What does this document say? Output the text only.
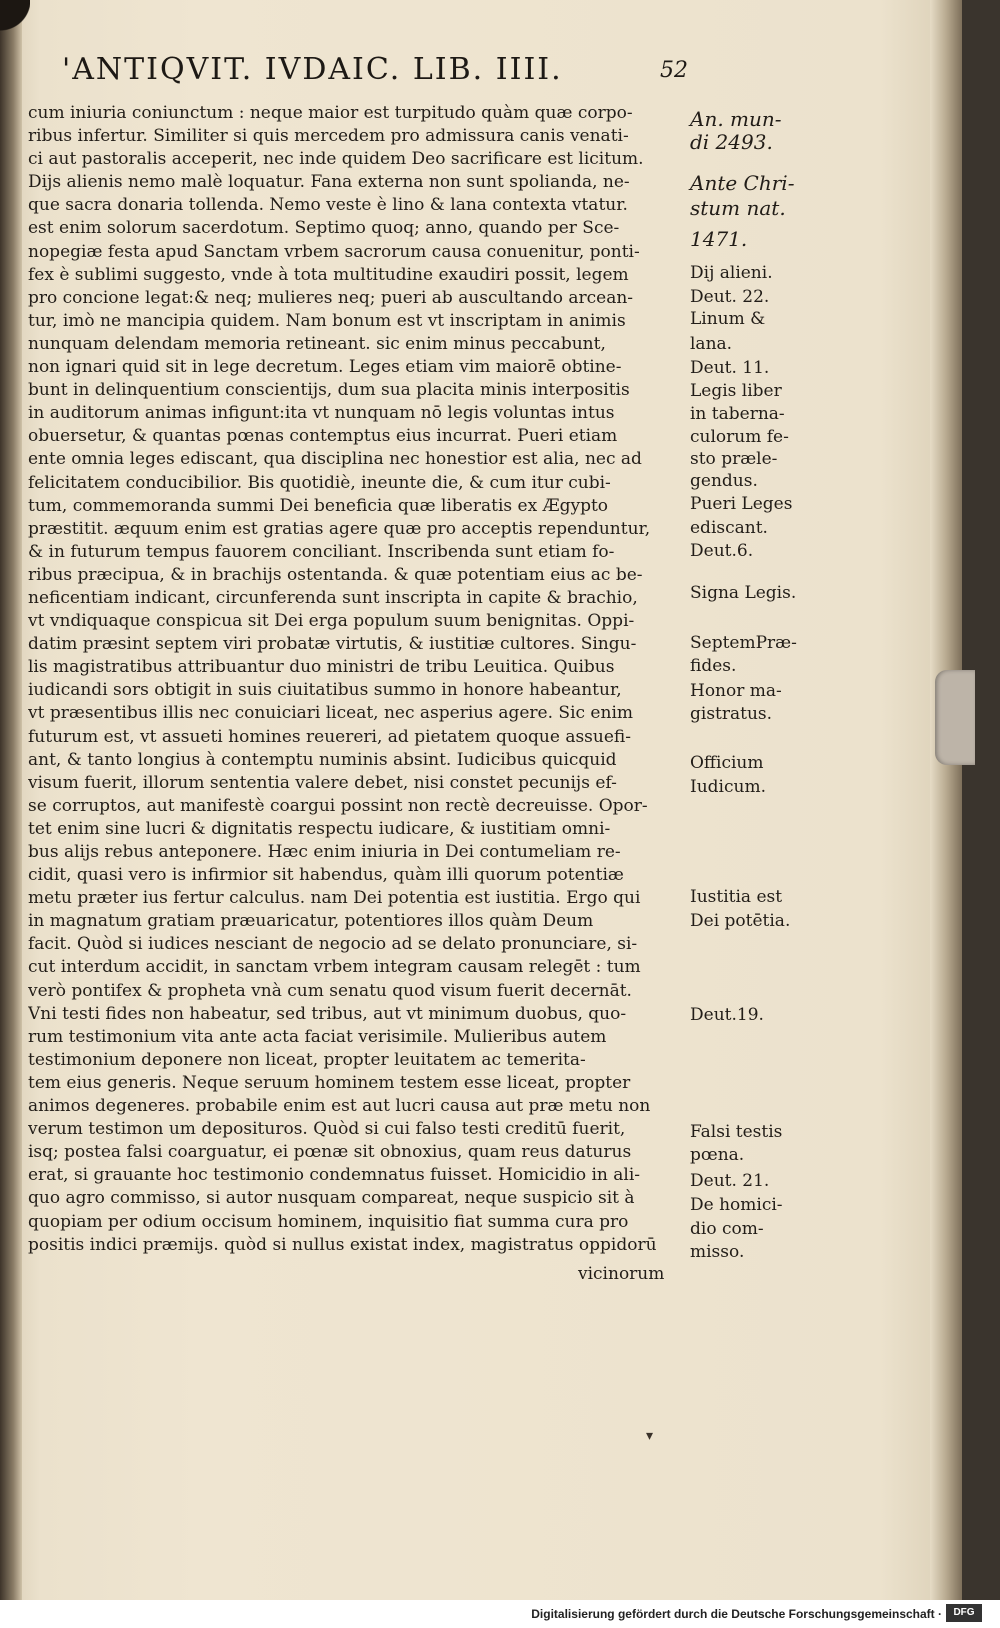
'ANTIQVIT. IVDAIC. LIB. IIII.	52
cum iniuria coniunctum : neque maior est turpitudo quàm quæ corpo-
ribus infertur. Similiter si quis mercedem pro admissura canis venati-
ci aut pastoralis acceperit, nec inde quidem Deo sacrificare est licitum.
Dijs alienis nemo malè loquatur. Fana externa non sunt spolianda, ne-
que sacra donaria tollenda. Nemo veste è lino & lana contexta vtatur.
est enim solorum sacerdotum. Septimo quoq; anno, quando per Sce-
nopegiæ festa apud Sanctam vrbem sacrorum causa conuenitur, ponti-
fex è sublimi suggesto, vnde à tota multitudine exaudiri possit, legem
pro concione legat:& neq; mulieres neq; pueri ab auscultando arcean-
tur, imò ne mancipia quidem. Nam bonum est vt inscriptam in animis
nunquam delendam memoria retineant. sic enim minus peccabunt,
non ignari quid sit in lege decretum. Leges etiam vim maiorē obtine-
bunt in delinquentium conscientijs, dum sua placita minis interpositis
in auditorum animas infigunt:ita vt nunquam nō legis voluntas intus
obuersetur, & quantas pœnas contemptus eius incurrat. Pueri etiam
ente omnia leges ediscant, qua disciplina nec honestior est alia, nec ad
felicitatem conducibilior. Bis quotidiè, ineunte die, & cum itur cubi-
tum, commemoranda summi Dei beneficia quæ liberatis ex Ægypto
præstitit. æquum enim est gratias agere quæ pro acceptis rependuntur,
& in futurum tempus fauorem conciliant. Inscribenda sunt etiam fo-
ribus præcipua, & in brachijs ostentanda. & quæ potentiam eius ac be-
neficentiam indicant, circunferenda sunt inscripta in capite & brachio,
vt vndiquaque conspicua sit Dei erga populum suum benignitas. Oppi-
datim præsint septem viri probatæ virtutis, & iustitiæ cultores. Singu-
lis magistratibus attribuantur duo ministri de tribu Leuitica. Quibus
iudicandi sors obtigit in suis ciuitatibus summo in honore habeantur,
vt præsentibus illis nec conuiciari liceat, nec asperius agere. Sic enim
futurum est, vt assueti homines reuereri, ad pietatem quoque assuefi-
ant, & tanto longius à contemptu numinis absint. Iudicibus quicquid
visum fuerit, illorum sententia valere debet, nisi constet pecunijs ef-
se corruptos, aut manifestè coargui possint non rectè decreuisse. Opor-
tet enim sine lucri & dignitatis respectu iudicare, & iustitiam omni-
bus alijs rebus anteponere. Hæc enim iniuria in Dei contumeliam re-
cidit, quasi vero is infirmior sit habendus, quàm illi quorum potentiæ
metu præter ius fertur calculus. nam Dei potentia est iustitia. Ergo qui
in magnatum gratiam præuaricatur, potentiores illos quàm Deum
facit. Quòd si iudices nesciant de negocio ad se delato pronunciare, si-
cut interdum accidit, in sanctam vrbem integram causam relegēt : tum
verò pontifex & propheta vnà cum senatu quod visum fuerit decernāt.
Vni testi fides non habeatur, sed tribus, aut vt minimum duobus, quo-
rum testimonium vita ante acta faciat verisimile. Mulieribus autem
testimonium deponere non liceat, propter leuitatem ac temerita-
tem eius generis. Neque seruum hominem testem esse liceat, propter
animos degeneres. probabile enim est aut lucri causa aut præ metu non
verum testimon um deposituros. Quòd si cui falso testi creditū fuerit,
isq; postea falsi coarguatur, ei pœnæ sit obnoxius, quam reus daturus
erat, si grauante hoc testimonio condemnatus fuisset. Homicidio in ali-
quo agro commisso, si autor nusquam compareat, neque suspicio sit à
quopiam per odium occisum hominem, inquisitio fiat summa cura pro
positis indici præmijs. quòd si nullus existat index, magistratus oppidorū
An. mun-
di 2493.
Ante Chri-
stum nat.
1471.
Dij alieni.
Deut. 22.
Linum &
lana.
Deut. 11.
Legis liber
in taberna-
culorum fe-
sto præle-
gendus.
Pueri Leges
ediscant.
Deut.6.
Signa Legis.
SeptemPræ-
fides.
Honor ma-
gistratus.
Officium
Iudicum.
Iustitia est
Dei potētia.
Deut.19.
Falsi testis
pœna.
Deut. 21.
De homici-
dio com-
misso.
vicinorum
▾
Digitalisierung gefördert durch die Deutsche Forschungsgemeinschaft ·	DFG
